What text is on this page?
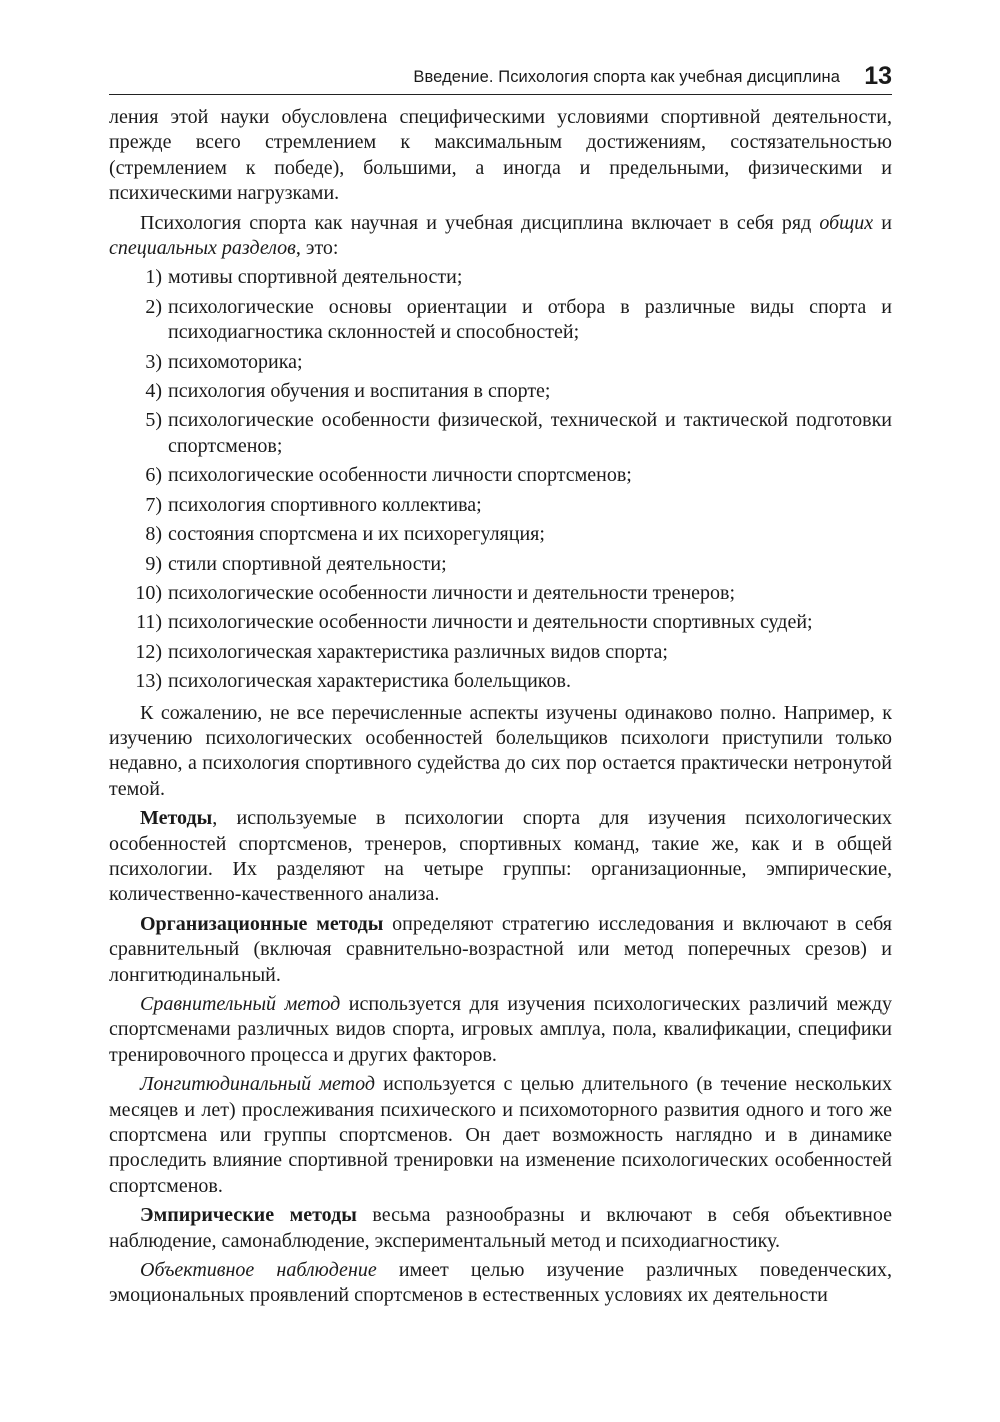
Введение. Психология спорта как учебная дисциплина 13

ления этой науки обусловлена специфическими условиями спортивной деятельности, прежде всего стремлением к максимальным достижениям, состязательностью (стремлением к победе), большими, а иногда и предельными, физическими и психическими нагрузками.

Психология спорта как научная и учебная дисциплина включает в себя ряд общих и специальных разделов, это:

1) мотивы спортивной деятельности;
2) психологические основы ориентации и отбора в различные виды спорта и психодиагностика склонностей и способностей;
3) психомоторика;
4) психология обучения и воспитания в спорте;
5) психологические особенности физической, технической и тактической подготовки спортсменов;
6) психологические особенности личности спортсменов;
7) психология спортивного коллектива;
8) состояния спортсмена и их психорегуляция;
9) стили спортивной деятельности;
10) психологические особенности личности и деятельности тренеров;
11) психологические особенности личности и деятельности спортивных судей;
12) психологическая характеристика различных видов спорта;
13) психологическая характеристика болельщиков.

К сожалению, не все перечисленные аспекты изучены одинаково полно. Например, к изучению психологических особенностей болельщиков психологи приступили только недавно, а психология спортивного судейства до сих пор остается практически нетронутой темой.

Методы, используемые в психологии спорта для изучения психологических особенностей спортсменов, тренеров, спортивных команд, такие же, как и в общей психологии. Их разделяют на четыре группы: организационные, эмпирические, количественно-качественного анализа.

Организационные методы определяют стратегию исследования и включают в себя сравнительный (включая сравнительно-возрастной или метод поперечных срезов) и лонгитюдинальный.

Сравнительный метод используется для изучения психологических различий между спортсменами различных видов спорта, игровых амплуа, пола, квалификации, специфики тренировочного процесса и других факторов.

Лонгитюдинальный метод используется с целью длительного (в течение нескольких месяцев и лет) прослеживания психического и психомоторного развития одного и того же спортсмена или группы спортсменов. Он дает возможность наглядно и в динамике проследить влияние спортивной тренировки на изменение психологических особенностей спортсменов.

Эмпирические методы весьма разнообразны и включают в себя объективное наблюдение, самонаблюдение, экспериментальный метод и психодиагностику.

Объективное наблюдение имеет целью изучение различных поведенческих, эмоциональных проявлений спортсменов в естественных условиях их деятельности
